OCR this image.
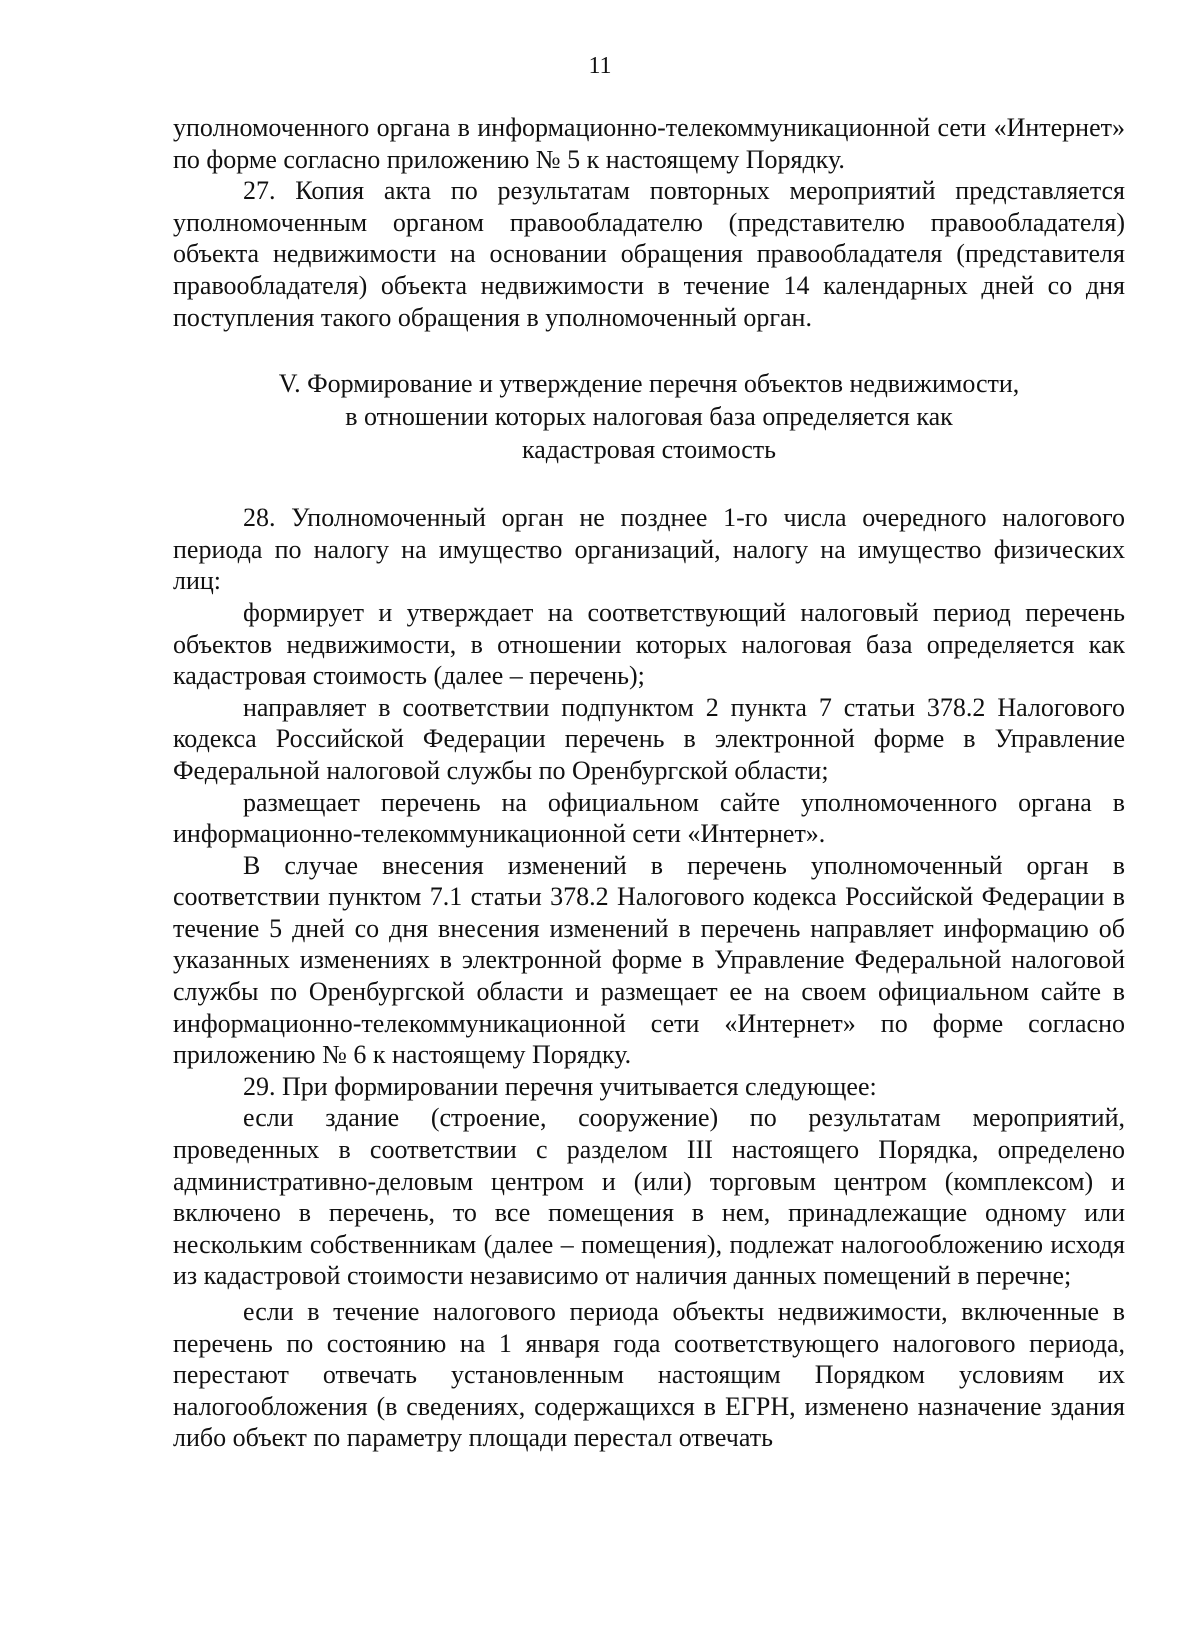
11

уполномоченного органа в информационно-телекоммуникационной сети «Интернет» по форме согласно приложению № 5 к настоящему Порядку.

27. Копия акта по результатам повторных мероприятий представляется уполномоченным органом правообладателю (представителю правообладателя) объекта недвижимости на основании обращения правообладателя (представителя правообладателя) объекта недвижимости в течение 14 календарных дней со дня поступления такого обращения в уполномоченный орган.

V. Формирование и утверждение перечня объектов недвижимости,
в отношении которых налоговая база определяется как
кадастровая стоимость

28. Уполномоченный орган не позднее 1-го числа очередного налогового периода по налогу на имущество организаций, налогу на имущество физических лиц:

формирует и утверждает на соответствующий налоговый период перечень объектов недвижимости, в отношении которых налоговая база определяется как кадастровая стоимость (далее – перечень);

направляет в соответствии подпунктом 2 пункта 7 статьи 378.2 Налогового кодекса Российской Федерации перечень в электронной форме в Управление Федеральной налоговой службы по Оренбургской области;

размещает перечень на официальном сайте уполномоченного органа в информационно-телекоммуникационной сети «Интернет».

В случае внесения изменений в перечень уполномоченный орган в соответствии пунктом 7.1 статьи 378.2 Налогового кодекса Российской Федерации в течение 5 дней со дня внесения изменений в перечень направляет информацию об указанных изменениях в электронной форме в Управление Федеральной налоговой службы по Оренбургской области и размещает ее на своем официальном сайте в информационно-телекоммуникационной сети «Интернет» по форме согласно приложению № 6 к настоящему Порядку.

29. При формировании перечня учитывается следующее:

если здание (строение, сооружение) по результатам мероприятий, проведенных в соответствии с разделом III настоящего Порядка, определено административно-деловым центром и (или) торговым центром (комплексом) и включено в перечень, то все помещения в нем, принадлежащие одному или нескольким собственникам (далее – помещения), подлежат налогообложению исходя из кадастровой стоимости независимо от наличия данных помещений в перечне;

если в течение налогового периода объекты недвижимости, включенные в перечень по состоянию на 1 января года соответствующего налогового периода, перестают отвечать установленным настоящим Порядком условиям их налогообложения (в сведениях, содержащихся в ЕГРН, изменено назначение здания либо объект по параметру площади перестал отвечать
